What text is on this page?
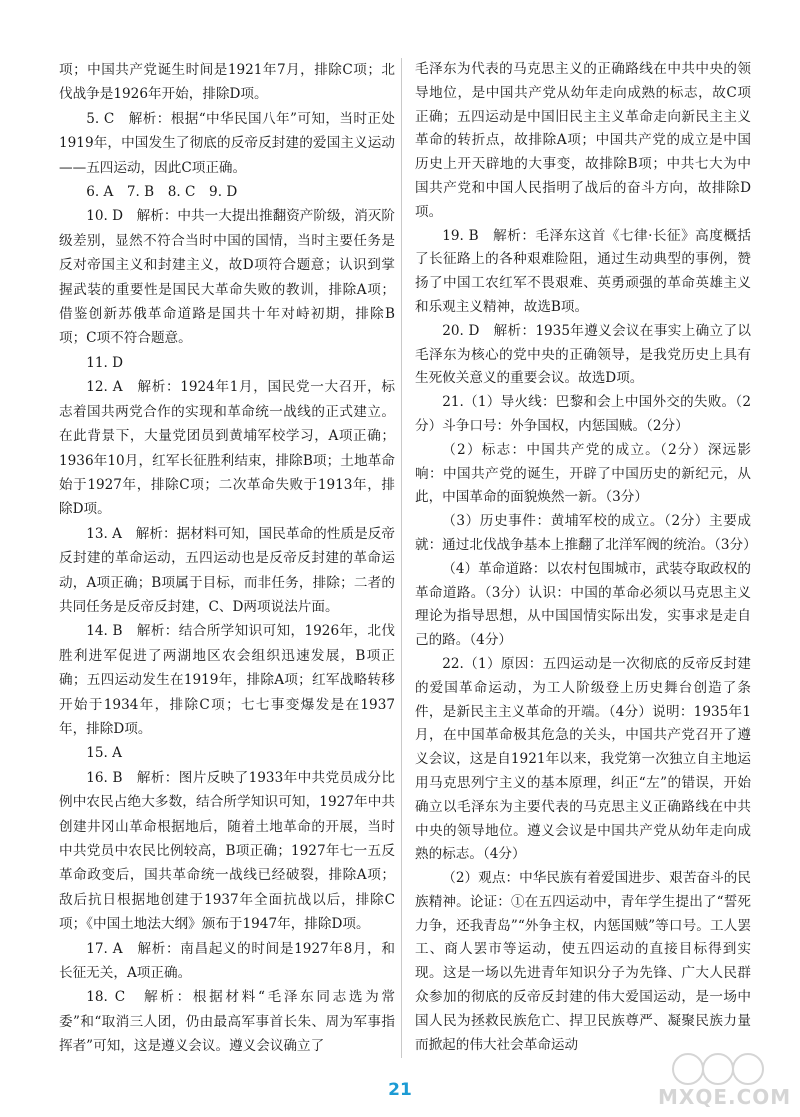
项；中国共产党诞生时间是1921年7月，排除C项；北伐战争是1926年开始，排除D项。

5. C　解析：根据“中华民国八年”可知，当时正处1919年，中国发生了彻底的反帝反封建的爱国主义运动——五四运动，因此C项正确。

6. A　7. B　8. C　9. D

10. D　解析：中共一大提出推翻资产阶级，消灭阶级差别，显然不符合当时中国的国情，当时主要任务是反对帝国主义和封建主义，故D项符合题意；认识到掌握武装的重要性是国民大革命失败的教训，排除A项；借鉴创新苏俄革命道路是国共十年对峙初期，排除B项；C项不符合题意。

11. D

12. A　解析：1924年1月，国民党一大召开，标志着国共两党合作的实现和革命统一战线的正式建立。在此背景下，大量党团员到黄埔军校学习，A项正确；1936年10月，红军长征胜利结束，排除B项；土地革命始于1927年，排除C项；二次革命失败于1913年，排除D项。

13. A　解析：据材料可知，国民革命的性质是反帝反封建的革命运动，五四运动也是反帝反封建的革命运动，A项正确；B项属于目标，而非任务，排除；二者的共同任务是反帝反封建，C、D两项说法片面。

14. B　解析：结合所学知识可知，1926年，北伐胜利进军促进了两湖地区农会组织迅速发展，B项正确；五四运动发生在1919年，排除A项；红军战略转移开始于1934年，排除C项；七七事变爆发是在1937年，排除D项。

15. A

16. B　解析：图片反映了1933年中共党员成分比例中农民占绝大多数，结合所学知识可知，1927年中共创建井冈山革命根据地后，随着土地革命的开展，当时中共党员中农民比例较高，B项正确；1927年七一五反革命政变后，国共革命统一战线已经破裂，排除A项；敌后抗日根据地创建于1937年全面抗战以后，排除C项；《中国土地法大纲》颁布于1947年，排除D项。

17. A　解析：南昌起义的时间是1927年8月，和长征无关，A项正确。

18. C　解析：根据材料“毛泽东同志选为常委”和“取消三人团，仍由最高军事首长朱、周为军事指挥者”可知，这是遵义会议。遵义会议确立了

毛泽东为代表的马克思主义的正确路线在中共中央的领导地位，是中国共产党从幼年走向成熟的标志，故C项正确；五四运动是中国旧民主主义革命走向新民主主义革命的转折点，故排除A项；中国共产党的成立是中国历史上开天辟地的大事变，故排除B项；中共七大为中国共产党和中国人民指明了战后的奋斗方向，故排除D项。

19. B　解析：毛泽东这首《七律·长征》高度概括了长征路上的各种艰难险阻，通过生动典型的事例，赞扬了中国工农红军不畏艰难、英勇顽强的革命英雄主义和乐观主义精神，故选B项。

20. D　解析：1935年遵义会议在事实上确立了以毛泽东为核心的党中央的正确领导，是我党历史上具有生死攸关意义的重要会议。故选D项。

21.（1）导火线：巴黎和会上中国外交的失败。（2分）斗争口号：外争国权，内惩国贼。（2分）

（2）标志：中国共产党的成立。（2分）深远影响：中国共产党的诞生，开辟了中国历史的新纪元，从此，中国革命的面貌焕然一新。（3分）

（3）历史事件：黄埔军校的成立。（2分）主要成就：通过北伐战争基本上推翻了北洋军阀的统治。（3分）

（4）革命道路：以农村包围城市，武装夺取政权的革命道路。（3分）认识：中国的革命必须以马克思主义理论为指导思想，从中国国情实际出发，实事求是走自己的路。（4分）

22.（1）原因：五四运动是一次彻底的反帝反封建的爱国革命运动，为工人阶级登上历史舞台创造了条件，是新民主主义革命的开端。（4分）说明：1935年1月，在中国革命极其危急的关头，中国共产党召开了遵义会议，这是自1921年以来，我党第一次独立自主地运用马克思列宁主义的基本原理，纠正“左”的错误，开始确立以毛泽东为主要代表的马克思主义正确路线在中共中央的领导地位。遵义会议是中国共产党从幼年走向成熟的标志。（4分）

（2）观点：中华民族有着爱国进步、艰苦奋斗的民族精神。论证：①在五四运动中，青年学生提出了“誓死力争，还我青岛”“外争主权，内惩国贼”等口号。工人罢工、商人罢市等运动，使五四运动的直接目标得到实现。这是一场以先进青年知识分子为先锋、广大人民群众参加的彻底的反帝反封建的伟大爱国运动，是一场中国人民为拯救民族危亡、捍卫民族尊严、凝聚民族力量而掀起的伟大社会革命运动

21	MXQE.COM
